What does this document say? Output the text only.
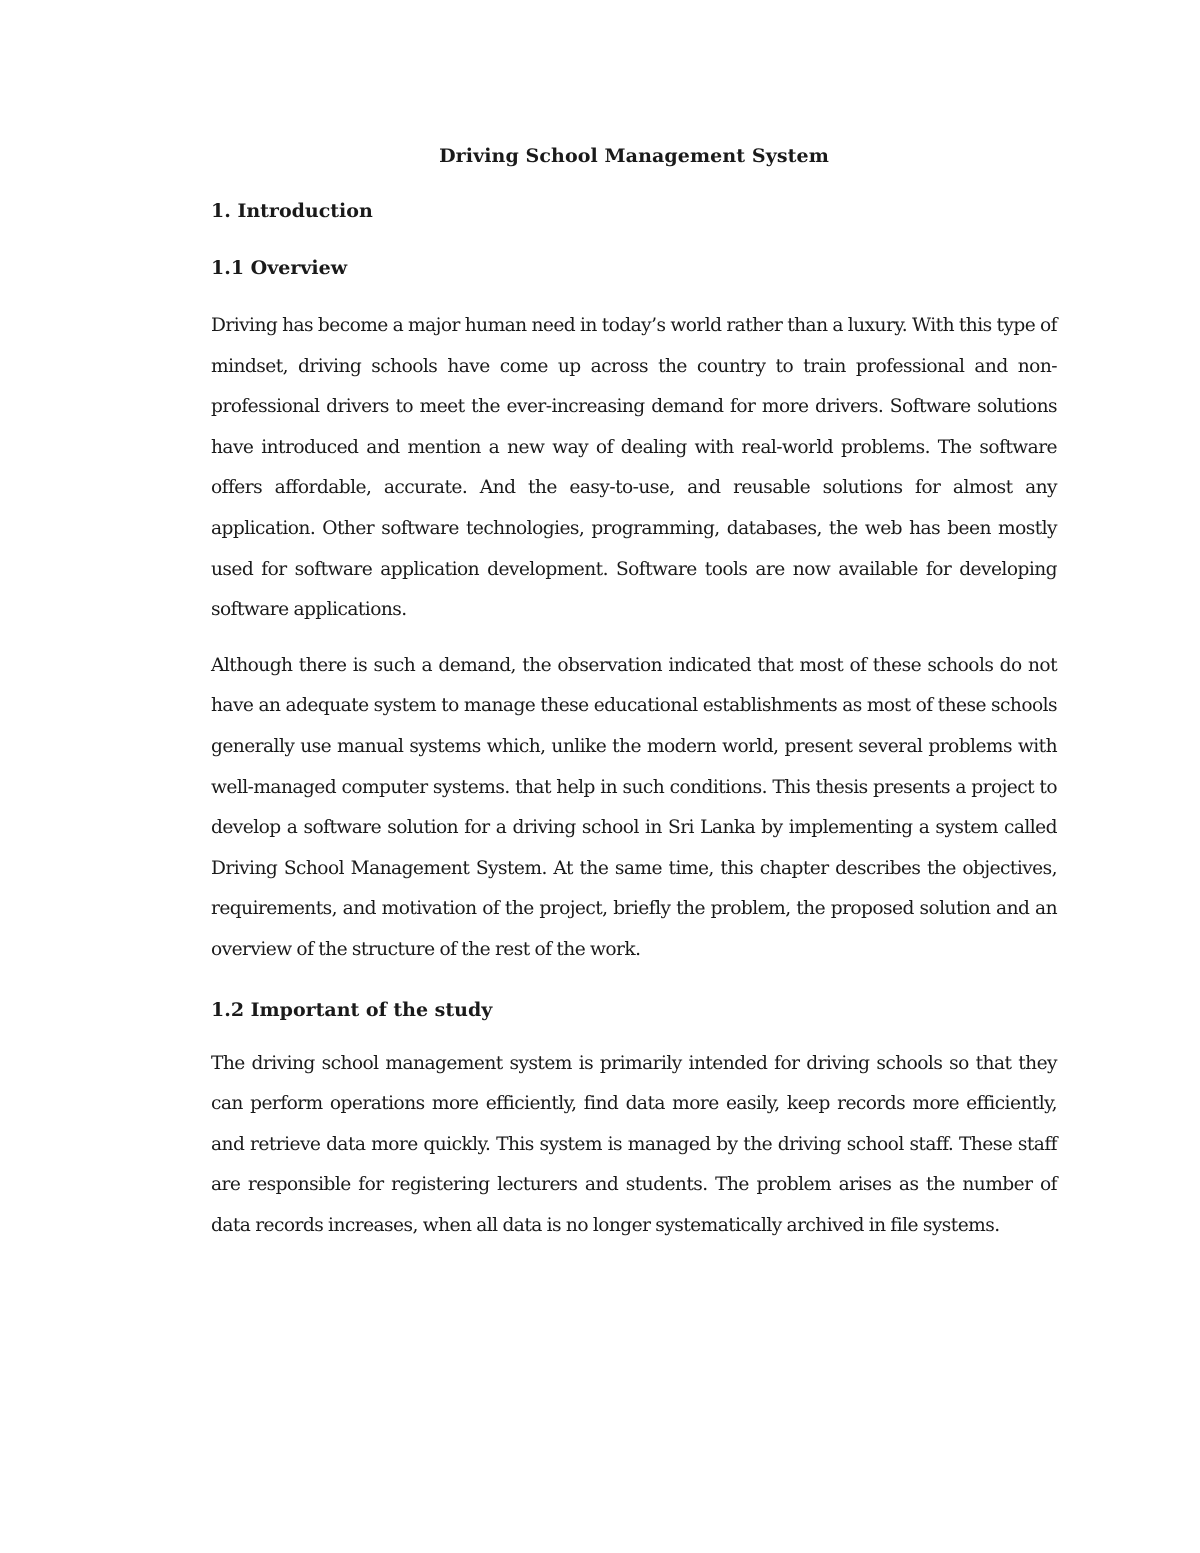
Driving School Management System
1. Introduction
1.1 Overview

Driving has become a major human need in today’s world rather than a luxury. With this type of mindset, driving schools have come up across the country to train professional and non-professional drivers to meet the ever-increasing demand for more drivers. Software solutions have introduced and mention a new way of dealing with real-world problems. The software offers affordable, accurate. And the easy-to-use, and reusable solutions for almost any application. Other software technologies, programming, databases, the web has been mostly used for software application development. Software tools are now available for developing software applications.

Although there is such a demand, the observation indicated that most of these schools do not have an adequate system to manage these educational establishments as most of these schools generally use manual systems which, unlike the modern world, present several problems with well-managed computer systems. that help in such conditions. This thesis presents a project to develop a software solution for a driving school in Sri Lanka by implementing a system called Driving School Management System. At the same time, this chapter describes the objectives, requirements, and motivation of the project, briefly the problem, the proposed solution and an overview of the structure of the rest of the work.

1.2 Important of the study

The driving school management system is primarily intended for driving schools so that they can perform operations more efficiently, find data more easily, keep records more efficiently, and retrieve data more quickly. This system is managed by the driving school staff. These staff are responsible for registering lecturers and students. The problem arises as the number of data records increases, when all data is no longer systematically archived in file systems.
